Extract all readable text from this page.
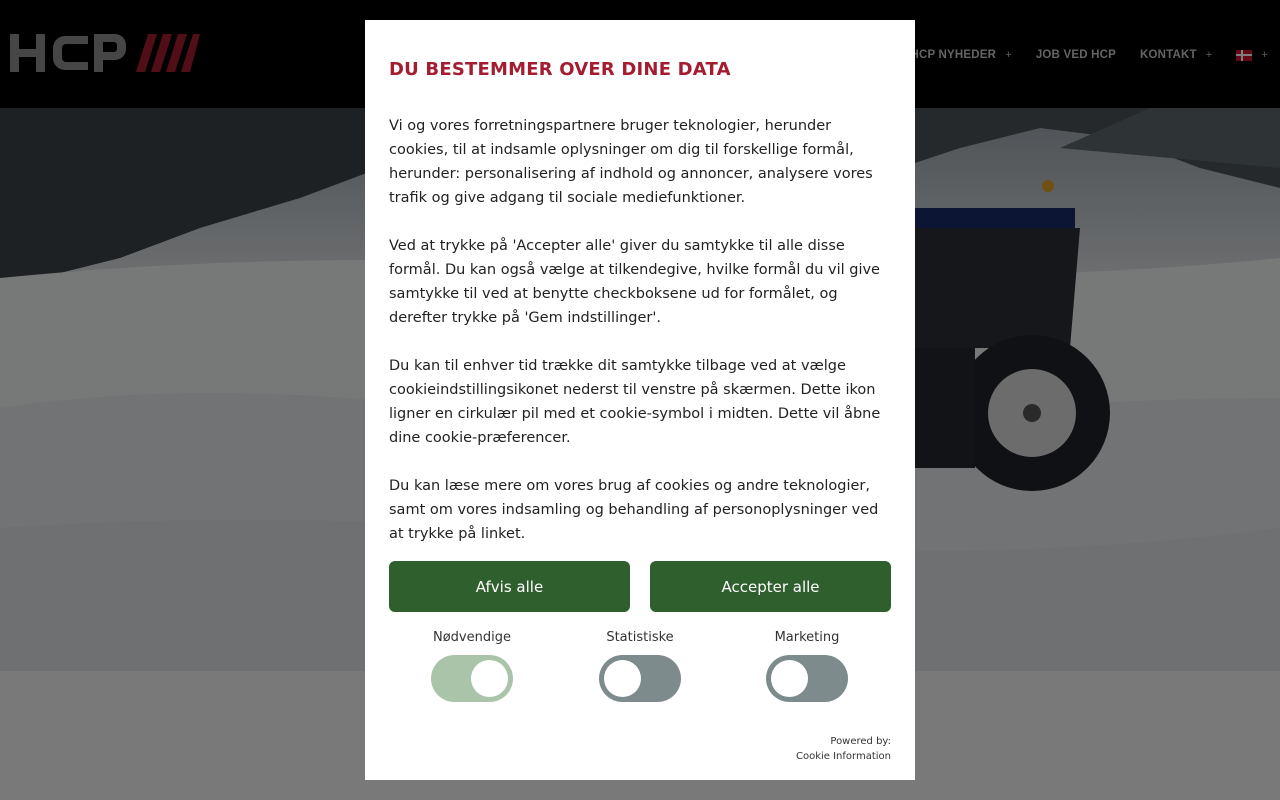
DU BESTEMMER OVER DINE DATA

Vi og vores forretningspartnere bruger teknologier, herunder cookies, til at indsamle oplysninger om dig til forskellige formål, herunder: personalisering af indhold og annoncer, analysere vores trafik og give adgang til sociale mediefunktioner.

Ved at trykke på 'Accepter alle' giver du samtykke til alle disse formål. Du kan også vælge at tilkendegive, hvilke formål du vil give samtykke til ved at benytte checkboksene ud for formålet, og derefter trykke på 'Gem indstillinger'.

Du kan til enhver tid trække dit samtykke tilbage ved at vælge cookieindstillingsikonet nederst til venstre på skærmen. Dette ikon ligner en cirkulær pil med et cookie-symbol i midten. Dette vil åbne dine cookie-præferencer.

Du kan læse mere om vores brug af cookies og andre teknologier, samt om vores indsamling og behandling af personoplysninger ved at trykke på linket.

Afvis alle	Accepter alle
Nødvendige	Statistiske	Marketing
Powered by:
Cookie Information
